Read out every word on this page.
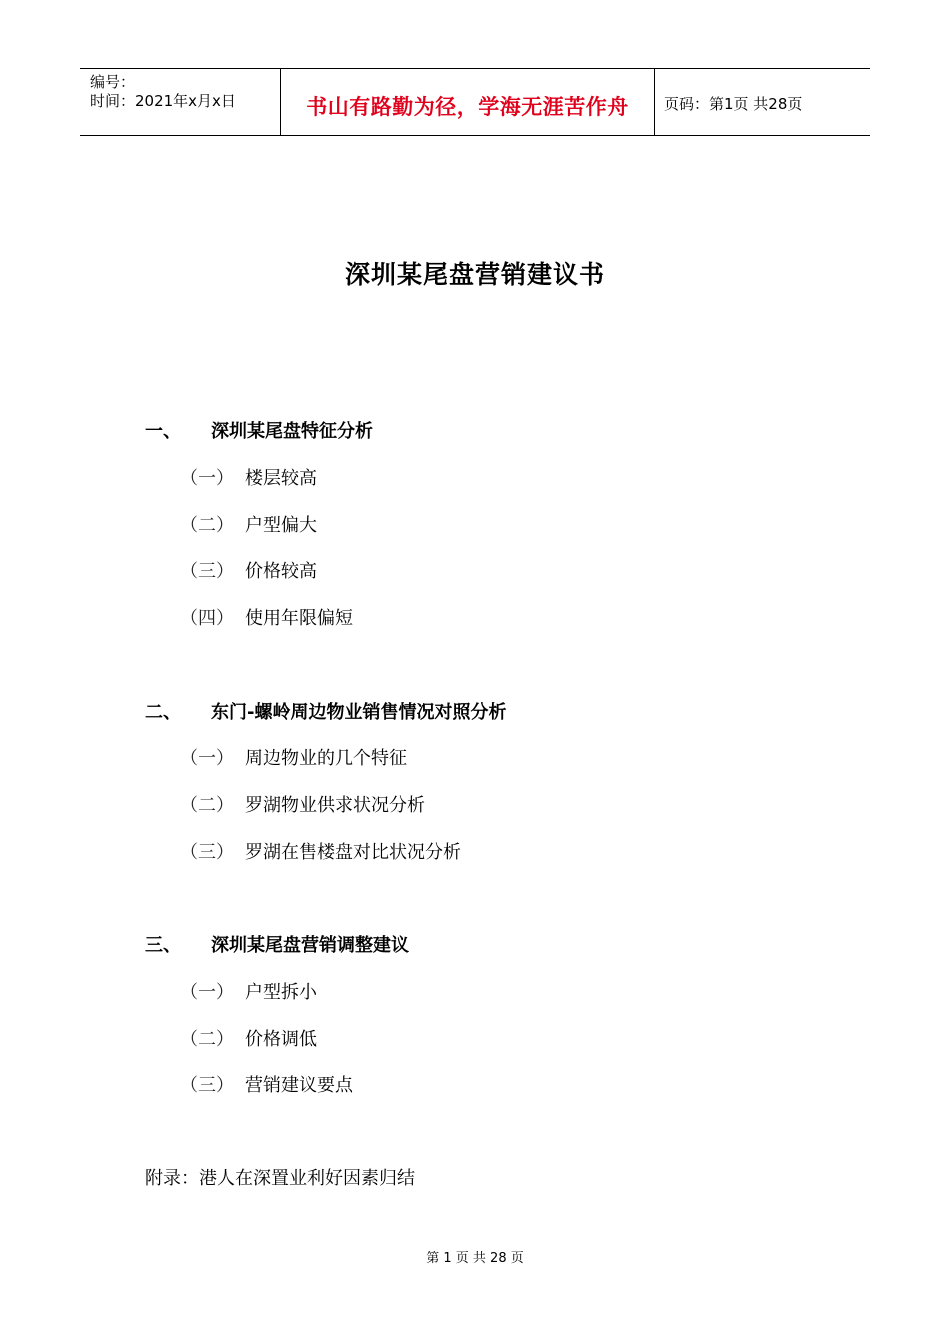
编号：
时间：2021年x月x日	书山有路勤为径，学海无涯苦作舟	页码：第1页 共28页
深圳某尾盘营销建议书
一、 深圳某尾盘特征分析
（一） 楼层较高
（二） 户型偏大
（三） 价格较高
（四） 使用年限偏短
二、 东门-螺岭周边物业销售情况对照分析
（一） 周边物业的几个特征
（二） 罗湖物业供求状况分析
（三） 罗湖在售楼盘对比状况分析
三、 深圳某尾盘营销调整建议
（一） 户型拆小
（二） 价格调低
（三） 营销建议要点
附录：港人在深置业利好因素归结
第 1 页 共 28 页
